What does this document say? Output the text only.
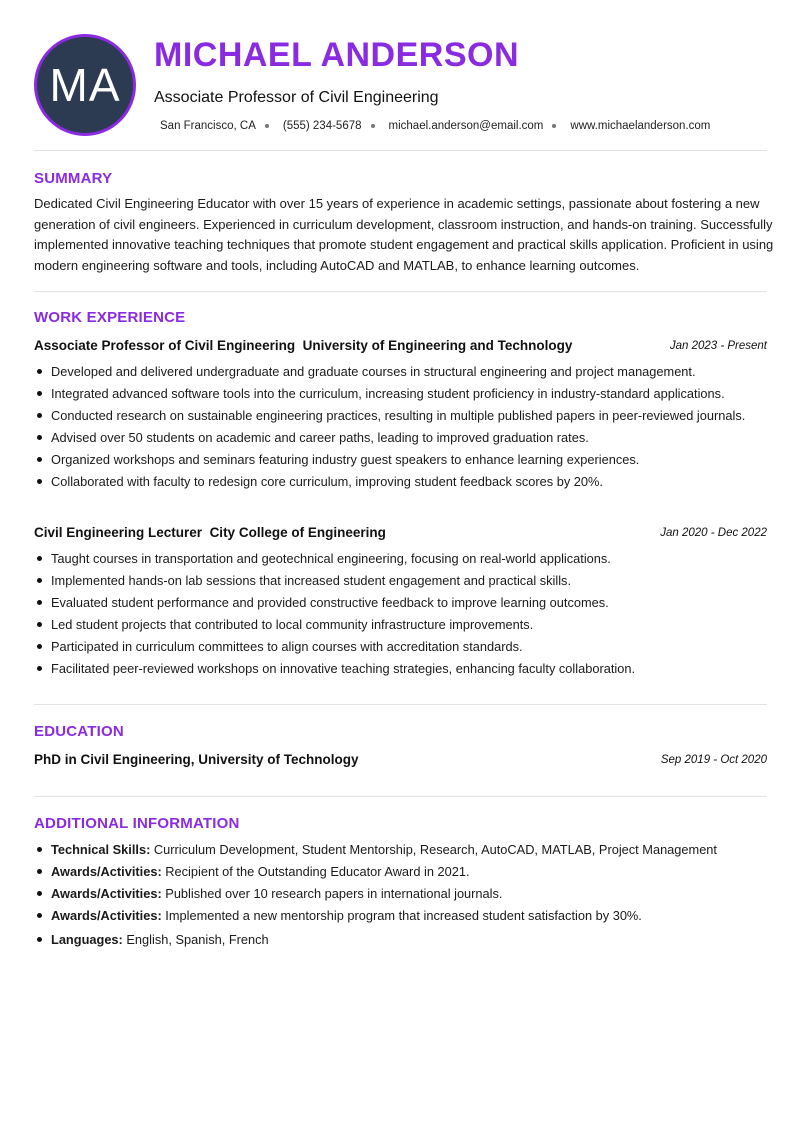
MA
MICHAEL ANDERSON
Associate Professor of Civil Engineering
San Francisco, CA (555) 234-5678 michael.anderson@email.com www.michaelanderson.com
SUMMARY
Dedicated Civil Engineering Educator with over 15 years of experience in academic settings, passionate about fostering a new generation of civil engineers. Experienced in curriculum development, classroom instruction, and hands-on training. Successfully implemented innovative teaching techniques that promote student engagement and practical skills application. Proficient in using modern engineering software and tools, including AutoCAD and MATLAB, to enhance learning outcomes.
WORK EXPERIENCE
Associate Professor of Civil Engineering University of Engineering and Technology	Jan 2023 - Present
Developed and delivered undergraduate and graduate courses in structural engineering and project management.
Integrated advanced software tools into the curriculum, increasing student proficiency in industry-standard applications.
Conducted research on sustainable engineering practices, resulting in multiple published papers in peer-reviewed journals.
Advised over 50 students on academic and career paths, leading to improved graduation rates.
Organized workshops and seminars featuring industry guest speakers to enhance learning experiences.
Collaborated with faculty to redesign core curriculum, improving student feedback scores by 20%.
Civil Engineering Lecturer City College of Engineering	Jan 2020 - Dec 2022
Taught courses in transportation and geotechnical engineering, focusing on real-world applications.
Implemented hands-on lab sessions that increased student engagement and practical skills.
Evaluated student performance and provided constructive feedback to improve learning outcomes.
Led student projects that contributed to local community infrastructure improvements.
Participated in curriculum committees to align courses with accreditation standards.
Facilitated peer-reviewed workshops on innovative teaching strategies, enhancing faculty collaboration.
EDUCATION
PhD in Civil Engineering, University of Technology	Sep 2019 - Oct 2020
ADDITIONAL INFORMATION
Technical Skills: Curriculum Development, Student Mentorship, Research, AutoCAD, MATLAB, Project Management
Awards/Activities: Recipient of the Outstanding Educator Award in 2021.
Awards/Activities: Published over 10 research papers in international journals.
Awards/Activities: Implemented a new mentorship program that increased student satisfaction by 30%.
Languages: English, Spanish, French
